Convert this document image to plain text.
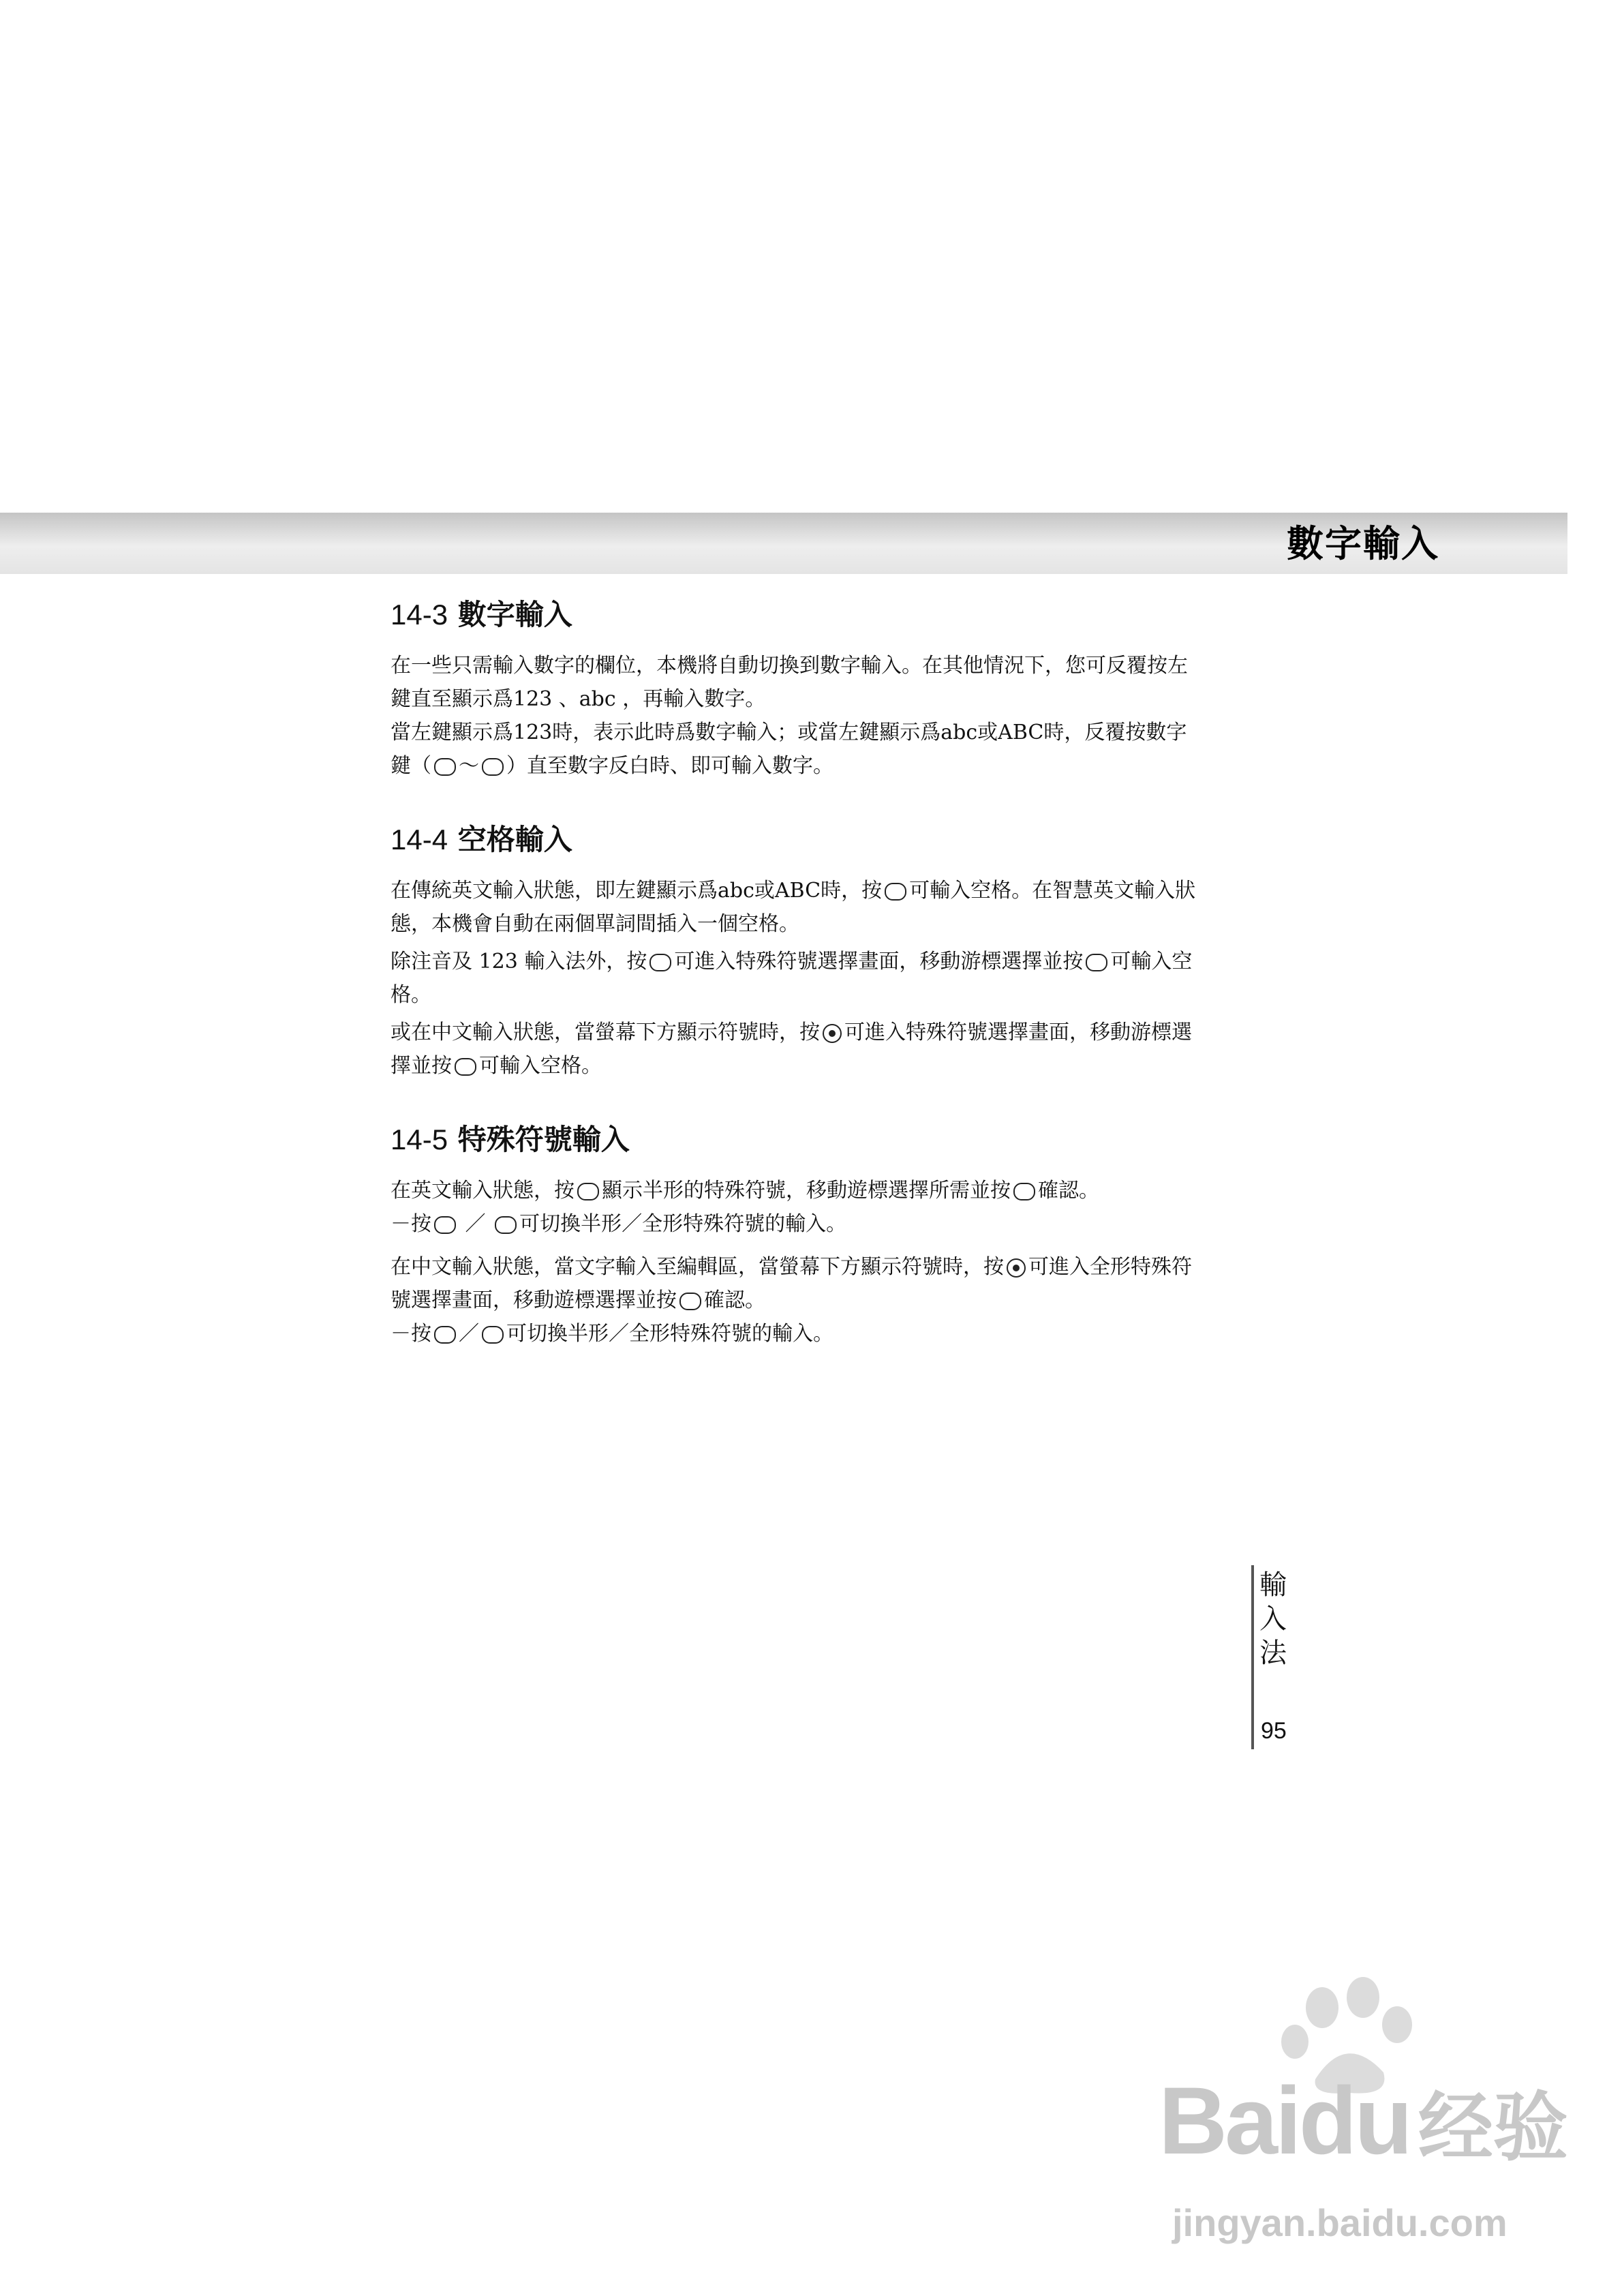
數字輸入
14-3 數字輸入

在一些只需輸入數字的欄位，本機將自動切換到數字輸入。在其他情況下，您可反覆按左
鍵直至顯示爲123 、abc ，再輸入數字。
當左鍵顯示爲123時，表示此時爲數字輸入；或當左鍵顯示爲abc或ABC時，反覆按數字
鍵（ ～ ）直至數字反白時、即可輸入數字。

14-4 空格輸入

在傳統英文輸入狀態，即左鍵顯示爲abc或ABC時，按 可輸入空格。在智慧英文輸入狀
態，本機會自動在兩個單詞間插入一個空格。

除注音及 123 輸入法外，按 可進入特殊符號選擇畫面，移動游標選擇並按 可輸入空
格。

或在中文輸入狀態，當螢幕下方顯示符號時，按 可進入特殊符號選擇畫面，移動游標選
擇並按 可輸入空格。

14-5 特殊符號輸入

在英文輸入狀態，按 顯示半形的特殊符號，移動遊標選擇所需並按 確認。
－按 ／ 可切換半形／全形特殊符號的輸入。

在中文輸入狀態，當文字輸入至編輯區，當螢幕下方顯示符號時，按 可進入全形特殊符
號選擇畫面，移動遊標選擇並按 確認。
－按 ／ 可切換半形／全形特殊符號的輸入。

輸入法
95
Baidu 经验
jingyan.baidu.com
